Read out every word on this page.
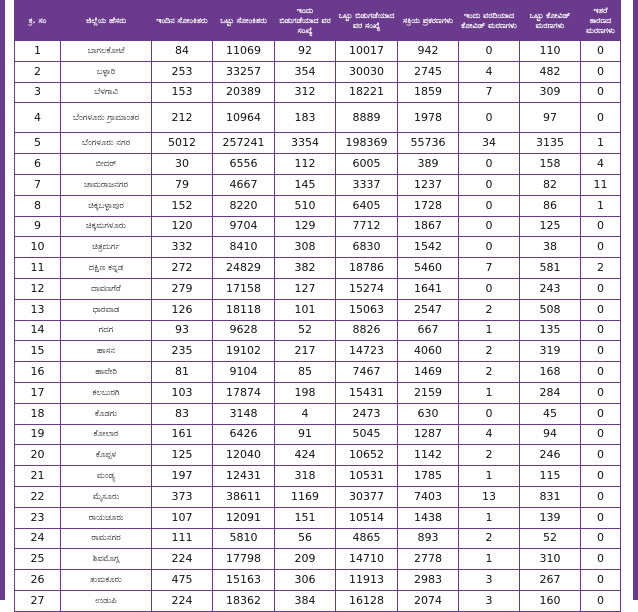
ಕ್ರ. ಸಂ	ಜಿಲ್ಲೆಯ ಹೆಸರು	ಇಂದಿನ ಸೋಂಕಿತರು	ಒಟ್ಟು ಸೋಂಕಿತರು	ಇಂದು ಬಿಡುಗಡೆಯಾದ ವರ ಸಂಖ್ಯೆ	ಒಟ್ಟು ಬಿಡುಗಡೆಯಾದ ವರ ಸಂಖ್ಯೆ	ಸಕ್ರಿಯ ಪ್ರಕರಣಗಳು	ಇಂದು ವರದಿಯಾದ ಕೋವಿಡ್ ಮರಣಗಳು	ಒಟ್ಟು ಕೋವಿಡ್ ಮರಣಗಳು	ಇತರೆ ಕಾರಣದ ಮರಣಗಳು
1	ಬಾಗಲಕೋಟೆ	84	11069	92	10017	942	0	110	0
2	ಬಳ್ಳಾರಿ	253	33257	354	30030	2745	4	482	0
3	ಬೆಳಗಾವಿ	153	20389	312	18221	1859	7	309	0
4	ಬೆಂಗಳೂರು ಗ್ರಾಮಾಂತರ	212	10964	183	8889	1978	0	97	0
5	ಬೆಂಗಳೂರು ನಗರ	5012	257241	3354	198369	55736	34	3135	1
6	ಬೀದರ್	30	6556	112	6005	389	0	158	4
7	ಚಾಮರಾಜನಗರ	79	4667	145	3337	1237	0	82	11
8	ಚಿಕ್ಕಬಳ್ಳಾಪುರ	152	8220	510	6405	1728	0	86	1
9	ಚಿಕ್ಕಮಗಳೂರು	120	9704	129	7712	1867	0	125	0
10	ಚಿತ್ರದುರ್ಗ	332	8410	308	6830	1542	0	38	0
11	ದಕ್ಷಿಣ ಕನ್ನಡ	272	24829	382	18786	5460	7	581	2
12	ದಾವಣಗೆರೆ	279	17158	127	15274	1641	0	243	0
13	ಧಾರವಾಡ	126	18118	101	15063	2547	2	508	0
14	ಗದಗ	93	9628	52	8826	667	1	135	0
15	ಹಾಸನ	235	19102	217	14723	4060	2	319	0
16	ಹಾವೇರಿ	81	9104	85	7467	1469	2	168	0
17	ಕಲಬುರಗಿ	103	17874	198	15431	2159	1	284	0
18	ಕೊಡಗು	83	3148	4	2473	630	0	45	0
19	ಕೋಲಾರ	161	6426	91	5045	1287	4	94	0
20	ಕೊಪ್ಪಳ	125	12040	424	10652	1142	2	246	0
21	ಮಂಡ್ಯ	197	12431	318	10531	1785	1	115	0
22	ಮೈಸೂರು	373	38611	1169	30377	7403	13	831	0
23	ರಾಯಚೂರು	107	12091	151	10514	1438	1	139	0
24	ರಾಮನಗರ	111	5810	56	4865	893	2	52	0
25	ಶಿವಮೊಗ್ಗ	224	17798	209	14710	2778	1	310	0
26	ತುಮಕೂರು	475	15163	306	11913	2983	3	267	0
27	ಉಡುಪಿ	224	18362	384	16128	2074	3	160	0
